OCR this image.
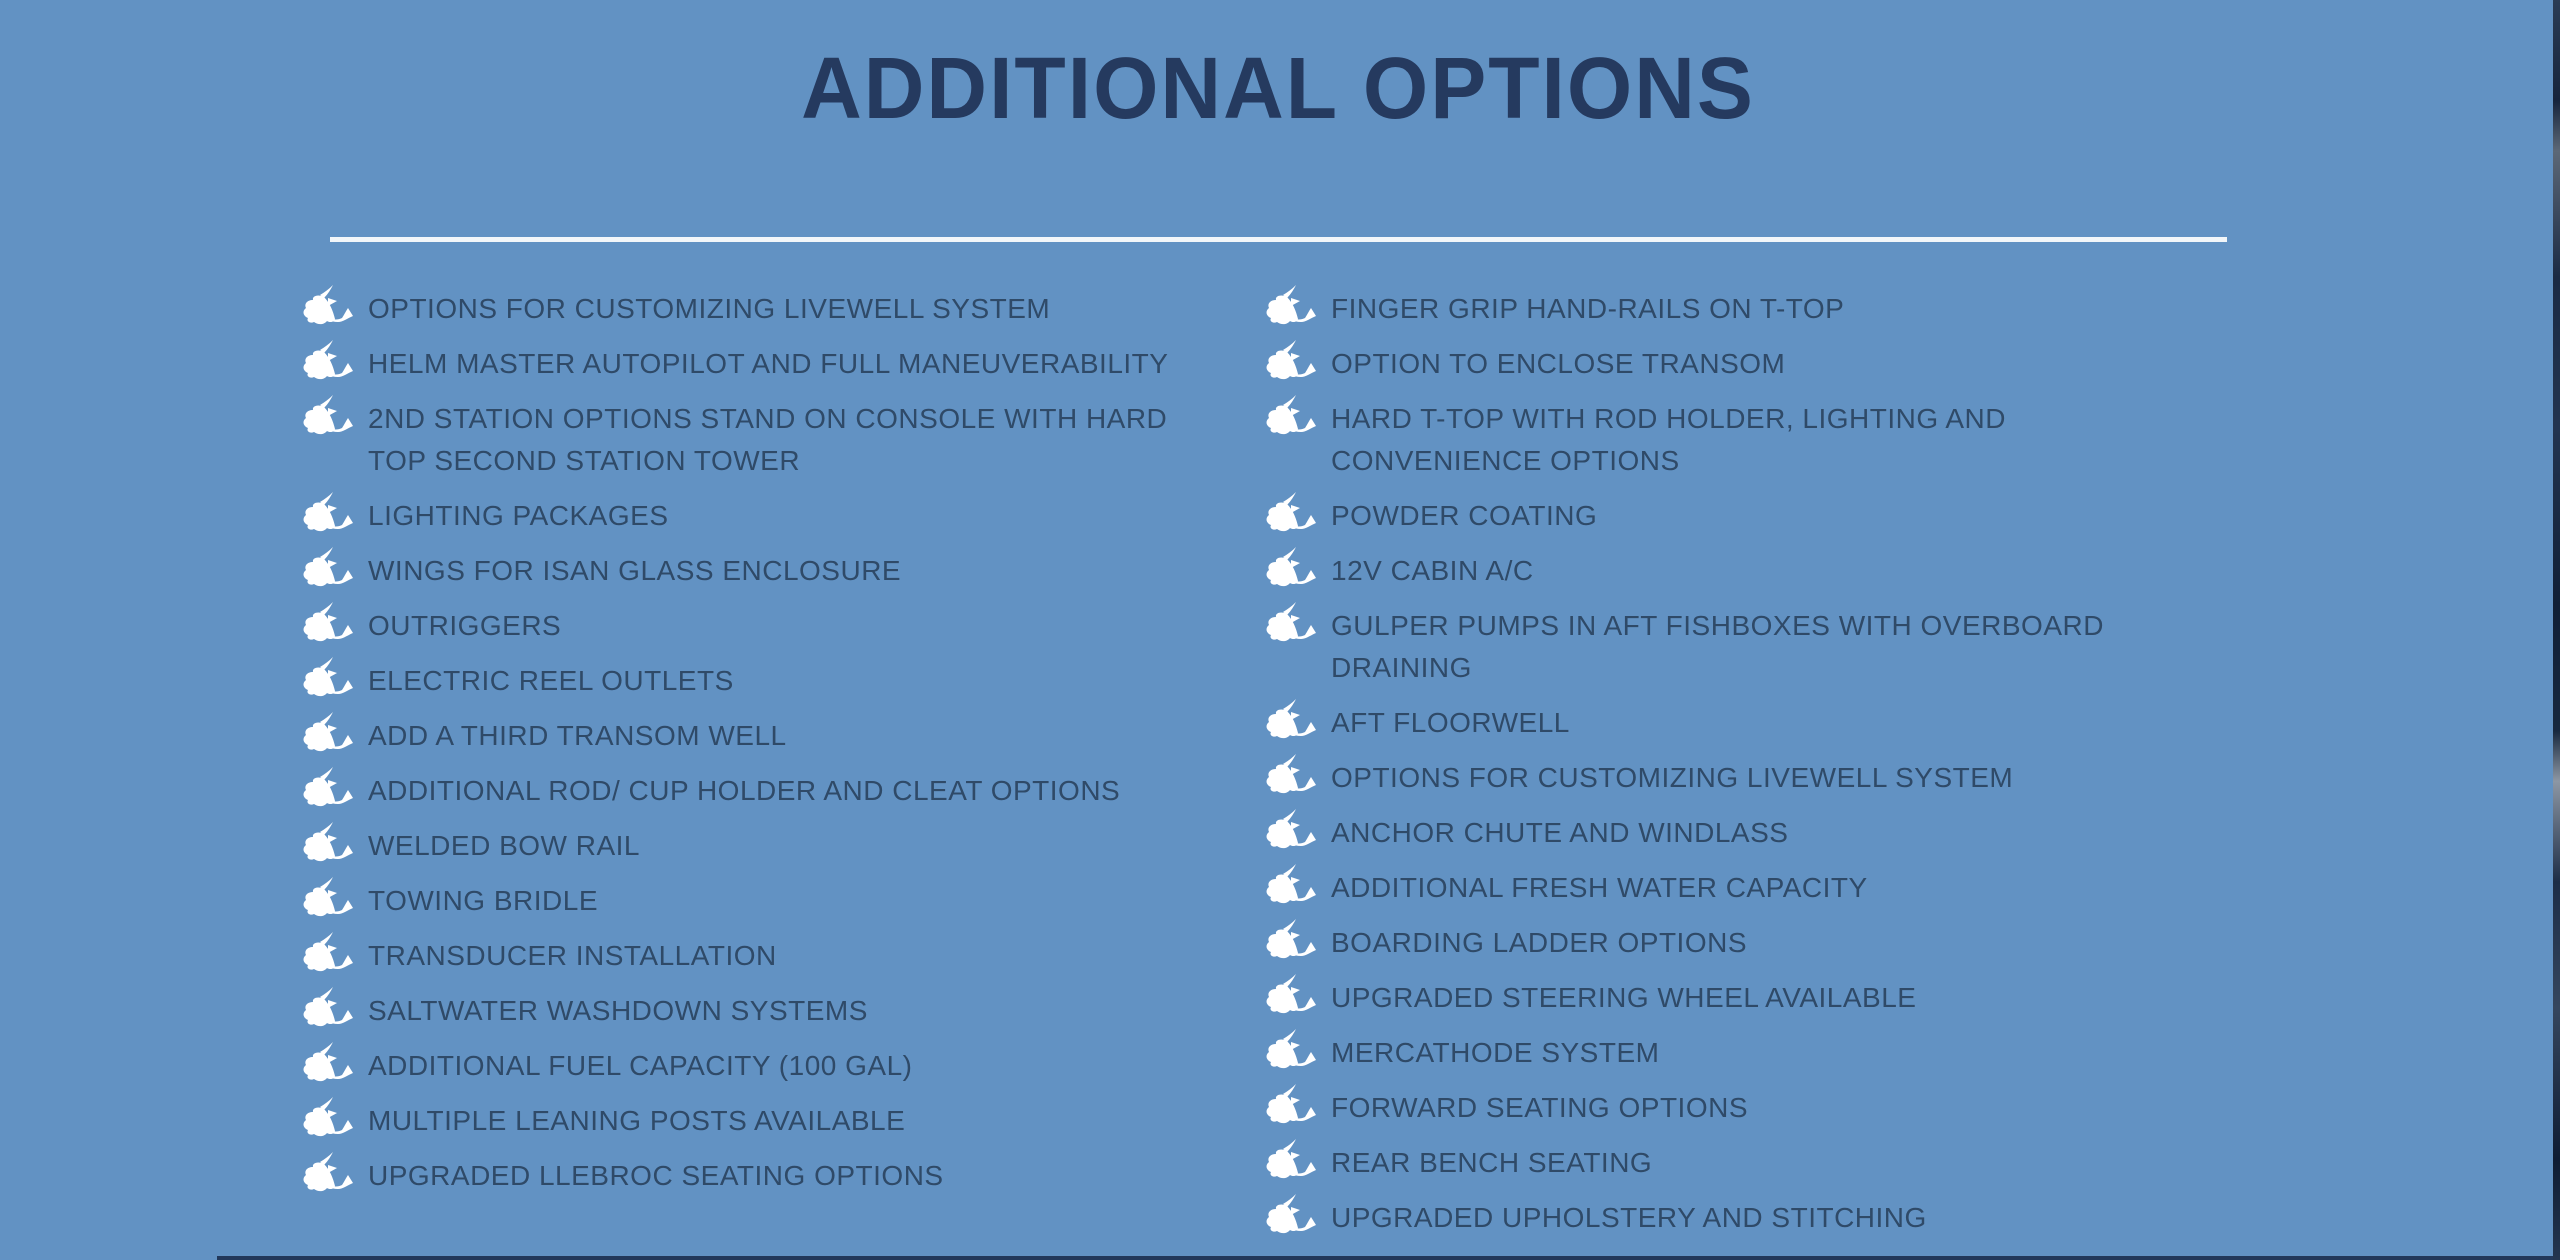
ADDITIONAL OPTIONS
OPTIONS FOR CUSTOMIZING LIVEWELL SYSTEM
HELM MASTER AUTOPILOT AND FULL MANEUVERABILITY
2ND STATION OPTIONS STAND ON CONSOLE WITH HARD TOP SECOND STATION TOWER
LIGHTING PACKAGES
WINGS FOR ISAN GLASS ENCLOSURE
OUTRIGGERS
ELECTRIC REEL OUTLETS
ADD A THIRD TRANSOM WELL
ADDITIONAL ROD/ CUP HOLDER AND CLEAT OPTIONS
WELDED BOW RAIL
TOWING BRIDLE
TRANSDUCER INSTALLATION
SALTWATER WASHDOWN SYSTEMS
ADDITIONAL FUEL CAPACITY (100 GAL)
MULTIPLE LEANING POSTS AVAILABLE
UPGRADED LLEBROC SEATING OPTIONS
FINGER GRIP HAND-RAILS ON T-TOP
OPTION TO ENCLOSE TRANSOM
HARD T-TOP WITH ROD HOLDER, LIGHTING AND CONVENIENCE OPTIONS
POWDER COATING
12V CABIN A/C
GULPER PUMPS IN AFT FISHBOXES WITH OVERBOARD DRAINING
AFT FLOORWELL
OPTIONS FOR CUSTOMIZING LIVEWELL SYSTEM
ANCHOR CHUTE AND WINDLASS
ADDITIONAL FRESH WATER CAPACITY
BOARDING LADDER OPTIONS
UPGRADED STEERING WHEEL AVAILABLE
MERCATHODE SYSTEM
FORWARD SEATING OPTIONS
REAR BENCH SEATING
UPGRADED UPHOLSTERY AND STITCHING
